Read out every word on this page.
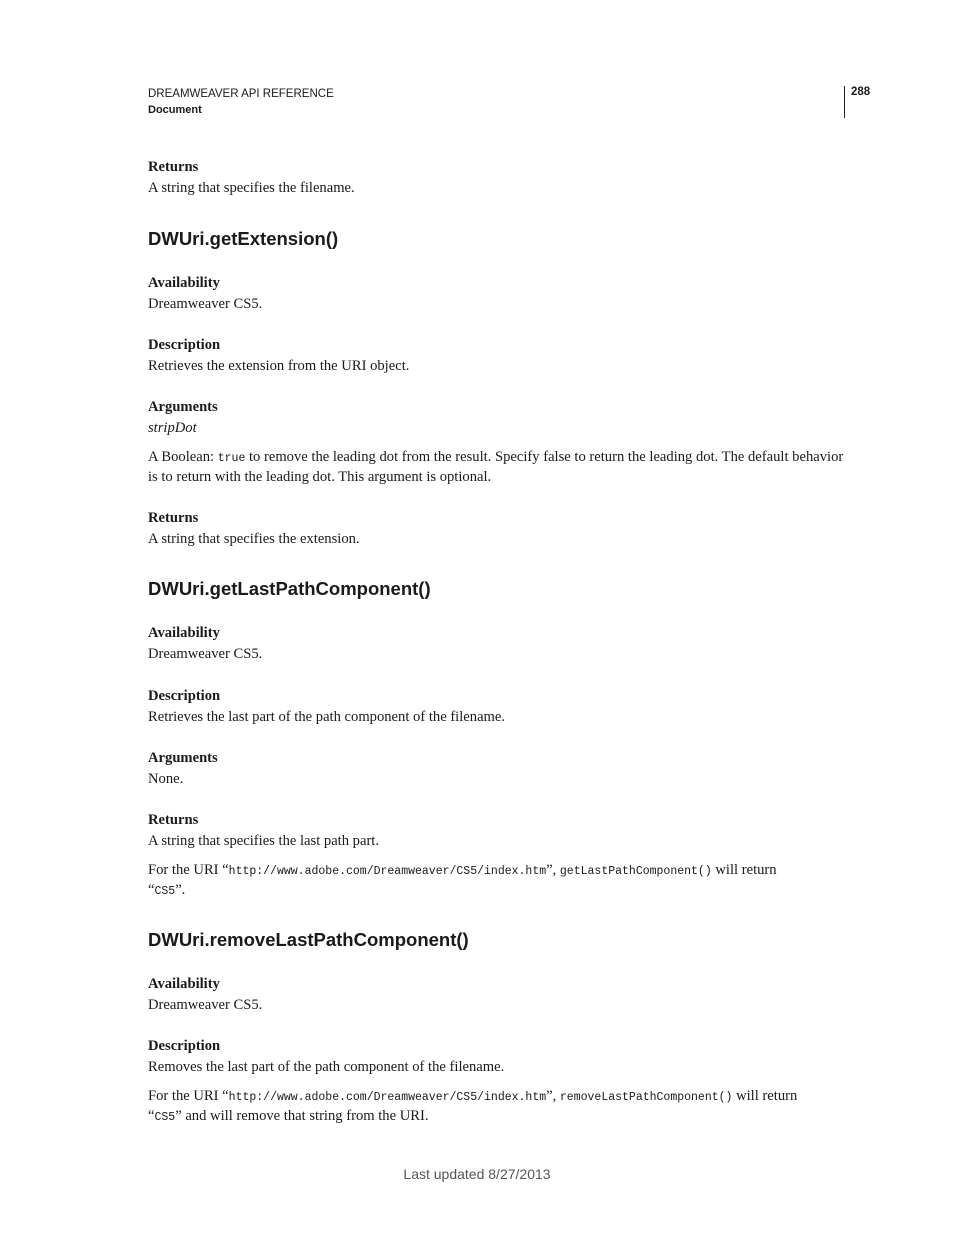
DREAMWEAVER API REFERENCE
Document
288
Returns
A string that specifies the filename.
DWUri.getExtension()
Availability
Dreamweaver CS5.
Description
Retrieves the extension from the URI object.
Arguments
stripDot
A Boolean: true to remove the leading dot from the result. Specify false to return the leading dot. The default behavior
is to return with the leading dot. This argument is optional.
Returns
A string that specifies the extension.
DWUri.getLastPathComponent()
Availability
Dreamweaver CS5.
Description
Retrieves the last part of the path component of the filename.
Arguments
None.
Returns
A string that specifies the last path part.
For the URI “http://www.adobe.com/Dreamweaver/CS5/index.htm”, getLastPathComponent() will return
“CS5”.
DWUri.removeLastPathComponent()
Availability
Dreamweaver CS5.
Description
Removes the last part of the path component of the filename.
For the URI “http://www.adobe.com/Dreamweaver/CS5/index.htm”, removeLastPathComponent() will return
“CS5” and will remove that string from the URI.
Last updated 8/27/2013
